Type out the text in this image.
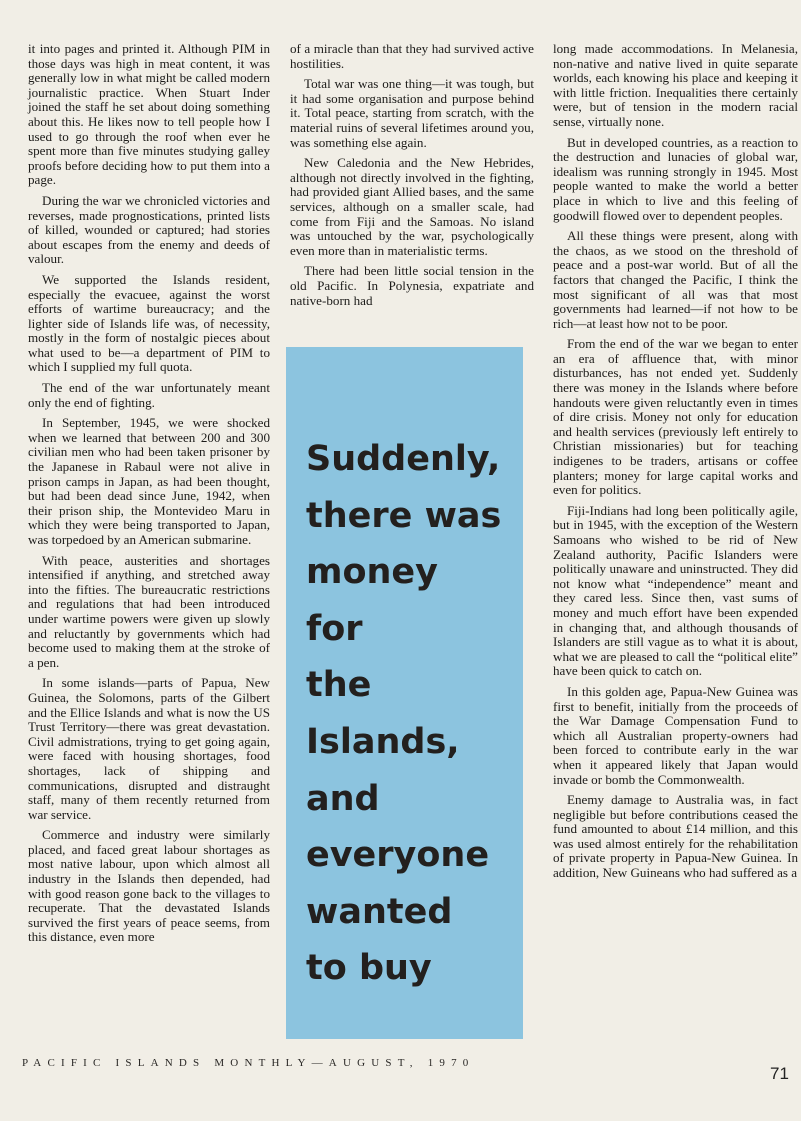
it into pages and printed it. Although PIM in those days was high in meat content, it was generally low in what might be called modern journalistic practice. When Stuart Inder joined the staff he set about doing something about this. He likes now to tell people how I used to go through the roof when ever he spent more than five minutes studying galley proofs before deciding how to put them into a page.

During the war we chronicled victories and reverses, made prognostications, printed lists of killed, wounded or captured; had stories about escapes from the enemy and deeds of valour.

We supported the Islands resident, especially the evacuee, against the worst efforts of wartime bureaucracy; and the lighter side of Islands life was, of necessity, mostly in the form of nostalgic pieces about what used to be—a department of PIM to which I supplied my full quota.

The end of the war unfortunately meant only the end of fighting.

In September, 1945, we were shocked when we learned that between 200 and 300 civilian men who had been taken prisoner by the Japanese in Rabaul were not alive in prison camps in Japan, as had been thought, but had been dead since June, 1942, when their prison ship, the Montevideo Maru in which they were being transported to Japan, was torpedoed by an American submarine.

With peace, austerities and shortages intensified if anything, and stretched away into the fifties. The bureaucratic restrictions and regulations that had been introduced under wartime powers were given up slowly and reluctantly by governments which had become used to making them at the stroke of a pen.

In some islands—parts of Papua, New Guinea, the Solomons, parts of the Gilbert and the Ellice Islands and what is now the US Trust Territory—there was great devastation. Civil admistrations, trying to get going again, were faced with housing shortages, food shortages, lack of shipping and communications, disrupted and distraught staff, many of them recently returned from war service.

Commerce and industry were similarly placed, and faced great labour shortages as most native labour, upon which almost all industry in the Islands then depended, had with good reason gone back to the villages to recuperate. That the devastated Islands survived the first years of peace seems, from this distance, even more

of a miracle than that they had survived active hostilities.

Total war was one thing—it was tough, but it had some organisation and purpose behind it. Total peace, starting from scratch, with the material ruins of several lifetimes around you, was something else again.

New Caledonia and the New Hebrides, although not directly involved in the fighting, had provided giant Allied bases, and the same services, although on a smaller scale, had come from Fiji and the Samoas. No island was untouched by the war, psychologically even more than in materialistic terms.

There had been little social tension in the old Pacific. In Polynesia, expatriate and native-born had

Suddenly,
there was
money
for
the
Islands,
and
everyone
wanted
to buy

long made accommodations. In Melanesia, non-native and native lived in quite separate worlds, each knowing his place and keeping it with little friction. Inequalities there certainly were, but of tension in the modern racial sense, virtually none.

But in developed countries, as a reaction to the destruction and lunacies of global war, idealism was running strongly in 1945. Most people wanted to make the world a better place in which to live and this feeling of goodwill flowed over to dependent peoples.

All these things were present, along with the chaos, as we stood on the threshold of peace and a post-war world. But of all the factors that changed the Pacific, I think the most significant of all was that most governments had learned—if not how to be rich—at least how not to be poor.

From the end of the war we began to enter an era of affluence that, with minor disturbances, has not ended yet. Suddenly there was money in the Islands where before handouts were given reluctantly even in times of dire crisis. Money not only for education and health services (previously left entirely to Christian missionaries) but for teaching indigenes to be traders, artisans or coffee planters; money for large capital works and even for politics.

Fiji-Indians had long been politically agile, but in 1945, with the exception of the Western Samoans who wished to be rid of New Zealand authority, Pacific Islanders were politically unaware and uninstructed. They did not know what “independence” meant and they cared less. Since then, vast sums of money and much effort have been expended in changing that, and although thousands of Islanders are still vague as to what it is about, what we are pleased to call the “political elite” have been quick to catch on.

In this golden age, Papua-New Guinea was first to benefit, initially from the proceeds of the War Damage Compensation Fund to which all Australian property-owners had been forced to contribute early in the war when it appeared likely that Japan would invade or bomb the Commonwealth.

Enemy damage to Australia was, in fact negligible but before contributions ceased the fund amounted to about £14 million, and this was used almost entirely for the rehabilitation of private property in Papua-New Guinea. In addition, New Guineans who had suffered as a

PACIFIC ISLANDS MONTHLY—AUGUST, 1970
71
